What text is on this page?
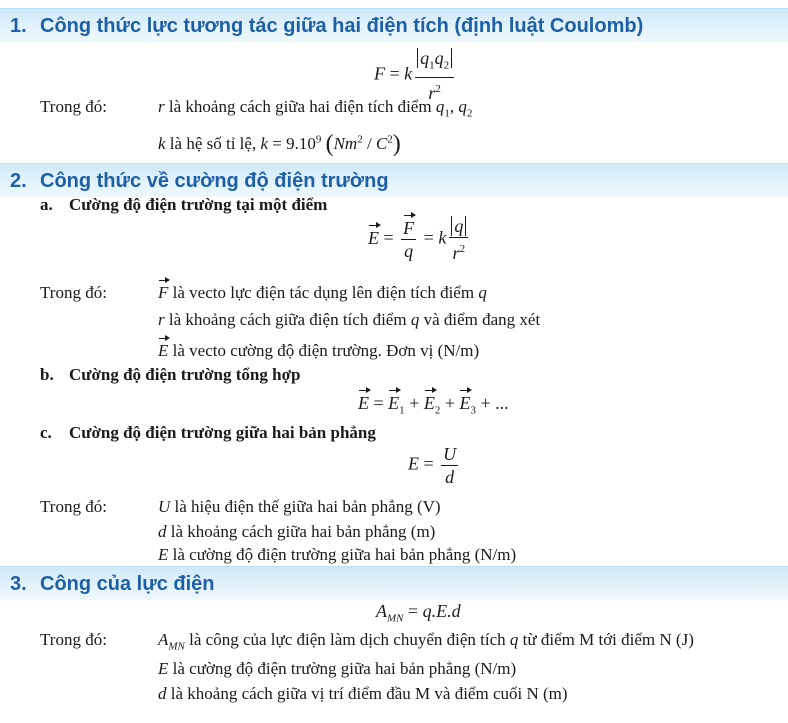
1. Công thức lực tương tác giữa hai điện tích (định luật Coulomb)
F = k $\frac{q_1q_2}{r^2}$
Trong đó:	r là khoảng cách giữa hai điện tích điểm $q_1$, $q_2$
k là hệ số tỉ lệ, $k = 9.10^9$ $(Nm^2 / C^2)$
2. Công thức về cường độ điện trường
a. Cường độ điện trường tại một điểm
$E = \frac{F}{q} = k \frac{q}{r^2}$
Trong đó:	F là vecto lực điện tác dụng lên điện tích điểm q
r là khoảng cách giữa điện tích điểm q và điểm đang xét
E là vecto cường độ điện trường. Đơn vị (N/m)
b. Cường độ điện trường tổng hợp
$E = E_1 + E_2 + E_3$ + ...
c. Cường độ điện trường giữa hai bản phẳng
$E = \frac{U}{d}$
Trong đó:	U là hiệu điện thế giữa hai bản phẳng (V)
d là khoảng cách giữa hai bản phẳng (m)
E là cường độ điện trường giữa hai bản phẳng (N/m)
3. Công của lực điện
$A_{MN} = q.E.d$
Trong đó:	$A_{MN}$ là công của lực điện làm dịch chuyển điện tích q từ điểm M tới điểm N (J)
E là cường độ điện trường giữa hai bản phẳng (N/m)
d là khoảng cách giữa vị trí điểm đầu M và điểm cuối N (m)
